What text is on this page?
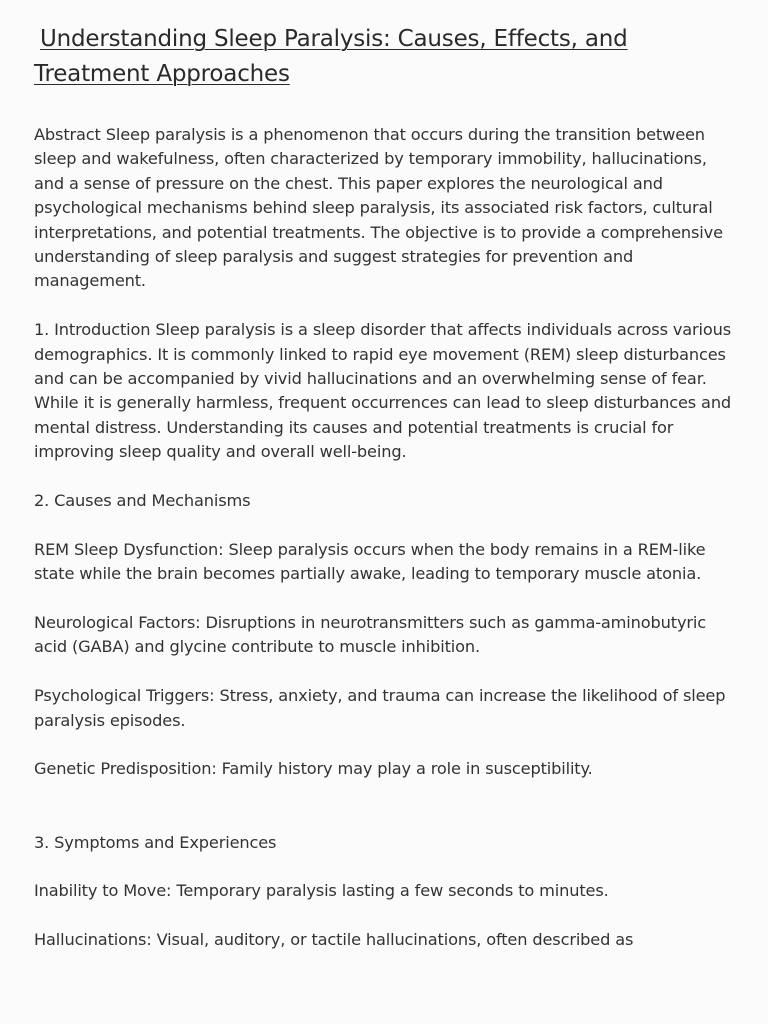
Understanding Sleep Paralysis: Causes, Effects, and
Treatment Approaches

Abstract Sleep paralysis is a phenomenon that occurs during the transition between sleep and wakefulness, often characterized by temporary immobility, hallucinations, and a sense of pressure on the chest. This paper explores the neurological and psychological mechanisms behind sleep paralysis, its associated risk factors, cultural interpretations, and potential treatments. The objective is to provide a comprehensive understanding of sleep paralysis and suggest strategies for prevention and management.

1. Introduction Sleep paralysis is a sleep disorder that affects individuals across various demographics. It is commonly linked to rapid eye movement (REM) sleep disturbances and can be accompanied by vivid hallucinations and an overwhelming sense of fear. While it is generally harmless, frequent occurrences can lead to sleep disturbances and mental distress. Understanding its causes and potential treatments is crucial for improving sleep quality and overall well-being.

2. Causes and Mechanisms

REM Sleep Dysfunction: Sleep paralysis occurs when the body remains in a REM-like state while the brain becomes partially awake, leading to temporary muscle atonia.

Neurological Factors: Disruptions in neurotransmitters such as gamma-aminobutyric acid (GABA) and glycine contribute to muscle inhibition.

Psychological Triggers: Stress, anxiety, and trauma can increase the likelihood of sleep paralysis episodes.

Genetic Predisposition: Family history may play a role in susceptibility.

3. Symptoms and Experiences

Inability to Move: Temporary paralysis lasting a few seconds to minutes.

Hallucinations: Visual, auditory, or tactile hallucinations, often described as
